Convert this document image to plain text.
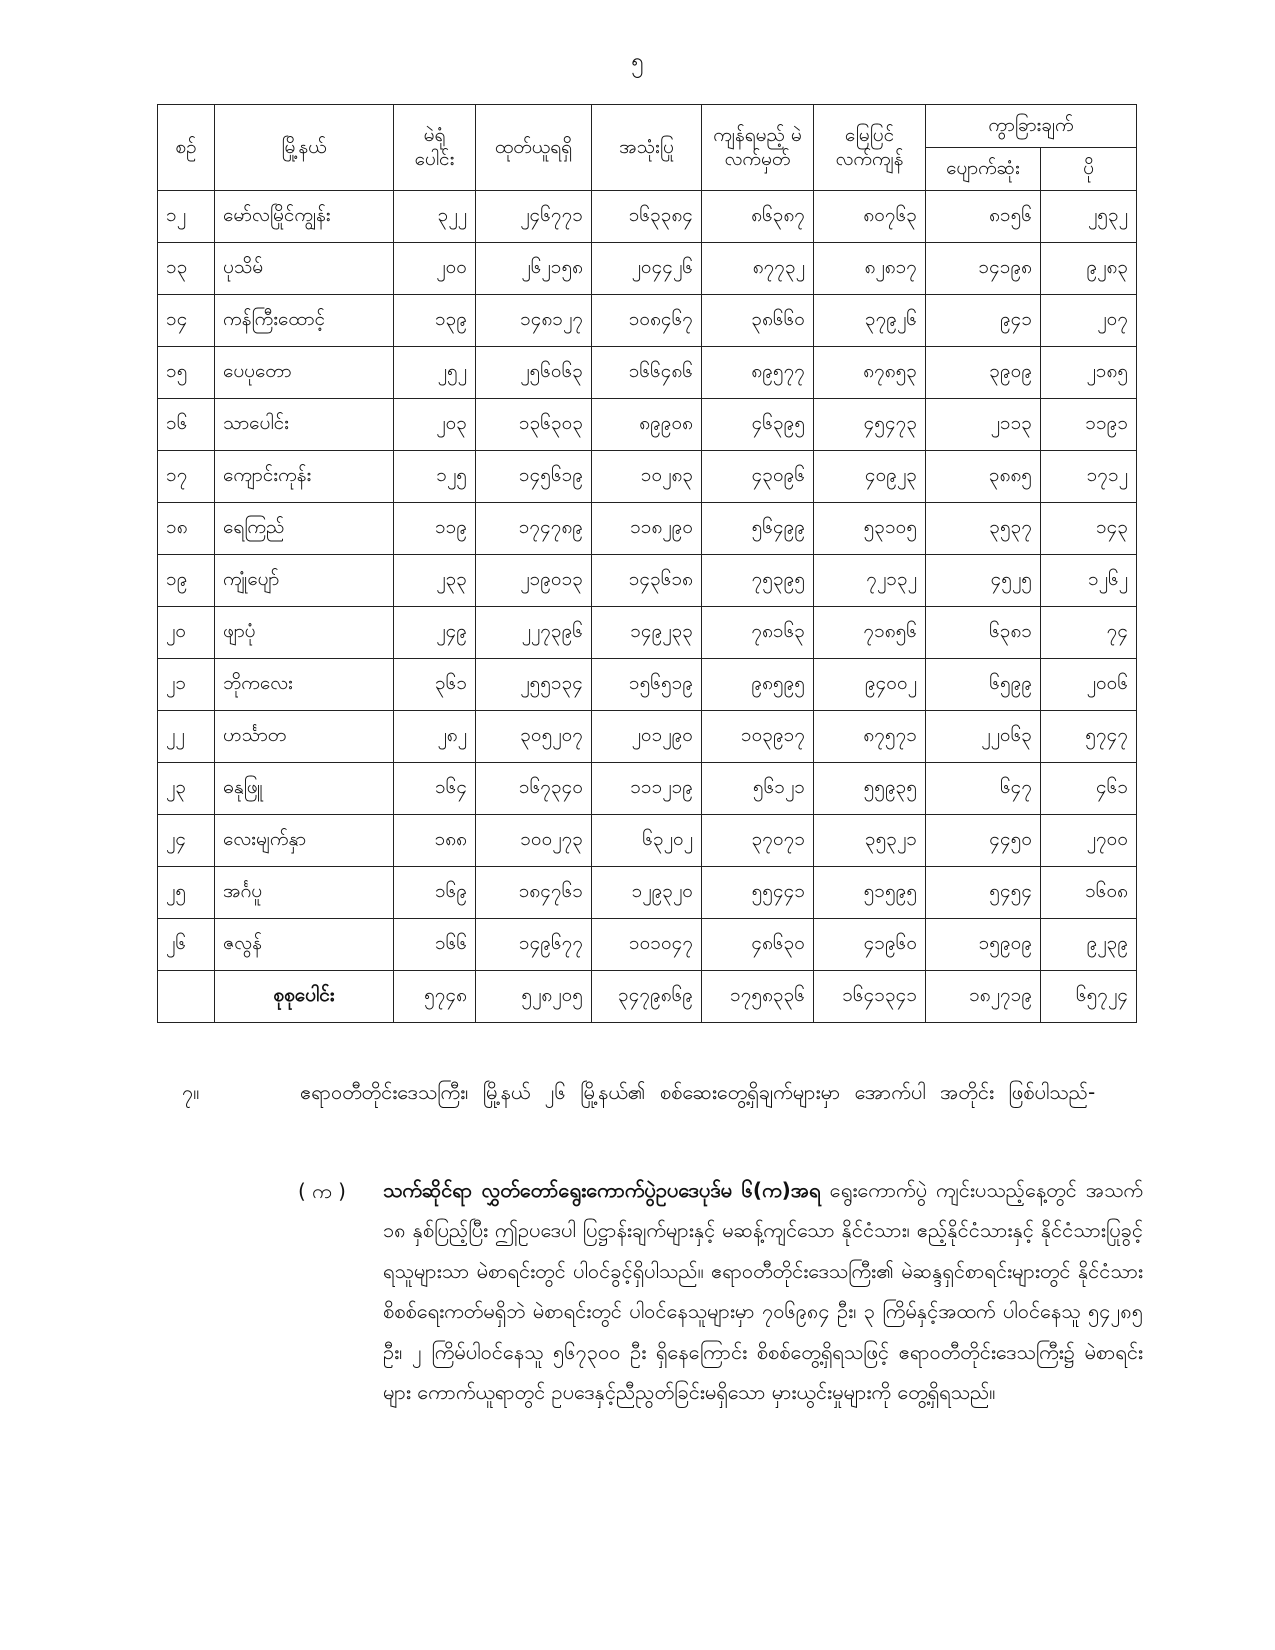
၅
စဉ်	မြို့နယ်	မဲရုံ ပေါင်း	ထုတ်ယူရရှိ	အသုံးပြု	ကျန်ရမည့် မဲလက်မှတ်	မြေပြင် လက်ကျန်	ကွာခြားချက်	
							ပျောက်ဆုံး	ပို
၁၂	မော်လမြိုင်ကျွန်း	၃၂၂	၂၄၆၇၇၁	၁၆၃၃၈၄	၈၆၃၈၇	၈၀၇၆၃	၈၁၅၆	၂၅၃၂
၁၃	ပုသိမ်	၂၀၀	၂၆၂၁၅၈	၂၀၄၄၂၆	၈၇၇၃၂	၈၂၈၁၇	၁၄၁၉၈	၉၂၈၃
၁၄	ကန်ကြီးထောင့်	၁၃၉	၁၄၈၁၂၇	၁၀၈၄၆၇	၃၈၆၆၀	၃၇၉၂၆	၉၄၁	၂၀၇
၁၅	ပေပုတော	၂၅၂	၂၅၆၀၆၃	၁၆၆၄၈၆	၈၉၅၇၇	၈၇၈၅၃	၃၉၀၉	၂၁၈၅
၁၆	သာပေါင်း	၂၀၃	၁၃၆၃၀၃	၈၉၉၀၈	၄၆၃၉၅	၄၅၄၇၃	၂၁၁၃	၁၁၉၁
၁၇	ကျောင်းကုန်း	၁၂၅	၁၄၅၆၁၉	၁၀၂၈၃	၄၃၀၉၆	၄၀၉၂၃	၃၈၈၅	၁၇၁၂
၁၈	ရေကြည်	၁၁၉	၁၇၄၇၈၉	၁၁၈၂၉၀	၅၆၄၉၉	၅၃၁၀၅	၃၅၃၇	၁၄၃
၁၉	ကျုံပျော်	၂၃၃	၂၁၉၀၁၃	၁၄၃၆၁၈	၇၅၃၉၅	၇၂၁၃၂	၄၅၂၅	၁၂၆၂
၂၀	ဖျာပုံ	၂၄၉	၂၂၇၃၉၆	၁၄၉၂၃၃	၇၈၁၆၃	၇၁၈၅၆	၆၃၈၁	၇၄
၂၁	ဘိုကလေး	၃၆၁	၂၅၅၁၃၄	၁၅၆၅၁၉	၉၈၅၉၅	၉၄၀၀၂	၆၅၉၉	၂၀၀၆
၂၂	ဟင်္သာတ	၂၈၂	၃၀၅၂၀၇	၂၀၁၂၉၀	၁၀၃၉၁၇	၈၇၅၇၁	၂၂၀၆၃	၅၇၄၇
၂၃	ဓနုဖြူ	၁၆၄	၁၆၇၃၄၀	၁၁၁၂၁၉	၅၆၁၂၁	၅၅၉၃၅	၆၄၇	၄၆၁
၂၄	လေးမျက်နှာ	၁၈၈	၁၀၀၂၇၃	၆၃၂၀၂	၃၇၀၇၁	၃၅၃၂၁	၄၄၅၀	၂၇၀၀
၂၅	အင်္ဂပူ	၁၆၉	၁၈၄၇၆၁	၁၂၉၃၂၀	၅၅၄၄၁	၅၁၅၉၅	၅၄၅၄	၁၆၀၈
၂၆	ဇလွန်	၁၆၆	၁၄၉၆၇၇	၁၀၁၀၄၇	၄၈၆၃၀	၄၁၉၆၀	၁၅၉၀၉	၉၂၃၉
	စုစုပေါင်း	၅၇၄၈	၅၂၈၂၀၅	၃၄၇၉၈၆၉	၁၇၅၈၃၃၆	၁၆၄၁၃၄၁	၁၈၂၇၁၉	၆၅၇၂၄
၇။	ဧရာဝတီတိုင်းဒေသကြီး၊ မြို့နယ် ၂၆ မြို့နယ်၏ စစ်ဆေးတွေ့ရှိချက်များမှာ အောက်ပါ အတိုင်း ဖြစ်ပါသည်-
( က ) သက်ဆိုင်ရာ လွှတ်တော်ရွေးကောက်ပွဲဥပဒေပုဒ်မ ၆(က)အရ ရွေးကောက်ပွဲ ကျင်းပသည့်နေ့တွင် အသက် ၁၈ နှစ်ပြည့်ပြီး ဤဥပဒေပါ ပြဋ္ဌာန်းချက်များနှင့် မဆန့်ကျင်သော နိုင်ငံသား၊ ဧည့်နိုင်ငံသားနှင့် နိုင်ငံသားပြုခွင့်ရသူများသာ မဲစာရင်းတွင် ပါဝင်ခွင့်ရှိပါသည်။ ဧရာဝတီတိုင်းဒေသကြီး၏ မဲဆန္ဒရှင်စာရင်းများတွင် နိုင်ငံသားစိစစ်ရေးကတ်မရှိဘဲ မဲစာရင်းတွင် ပါဝင်နေသူများမှာ ၇၀၆၉၈၄ ဦး၊ ၃ ကြိမ်နှင့်အထက် ပါဝင်နေသူ ၅၄၂၈၅ ဦး၊ ၂ ကြိမ်ပါဝင်နေသူ ၅၆၇၃၀၀ ဦး ရှိနေကြောင်း စိစစ်တွေ့ရှိရသဖြင့် ဧရာဝတီတိုင်းဒေသကြီး၌ မဲစာရင်းများ ကောက်ယူရာတွင် ဥပဒေနှင့်ညီညွတ်ခြင်းမရှိသော မှားယွင်းမှုများကို တွေ့ရှိရသည်။
